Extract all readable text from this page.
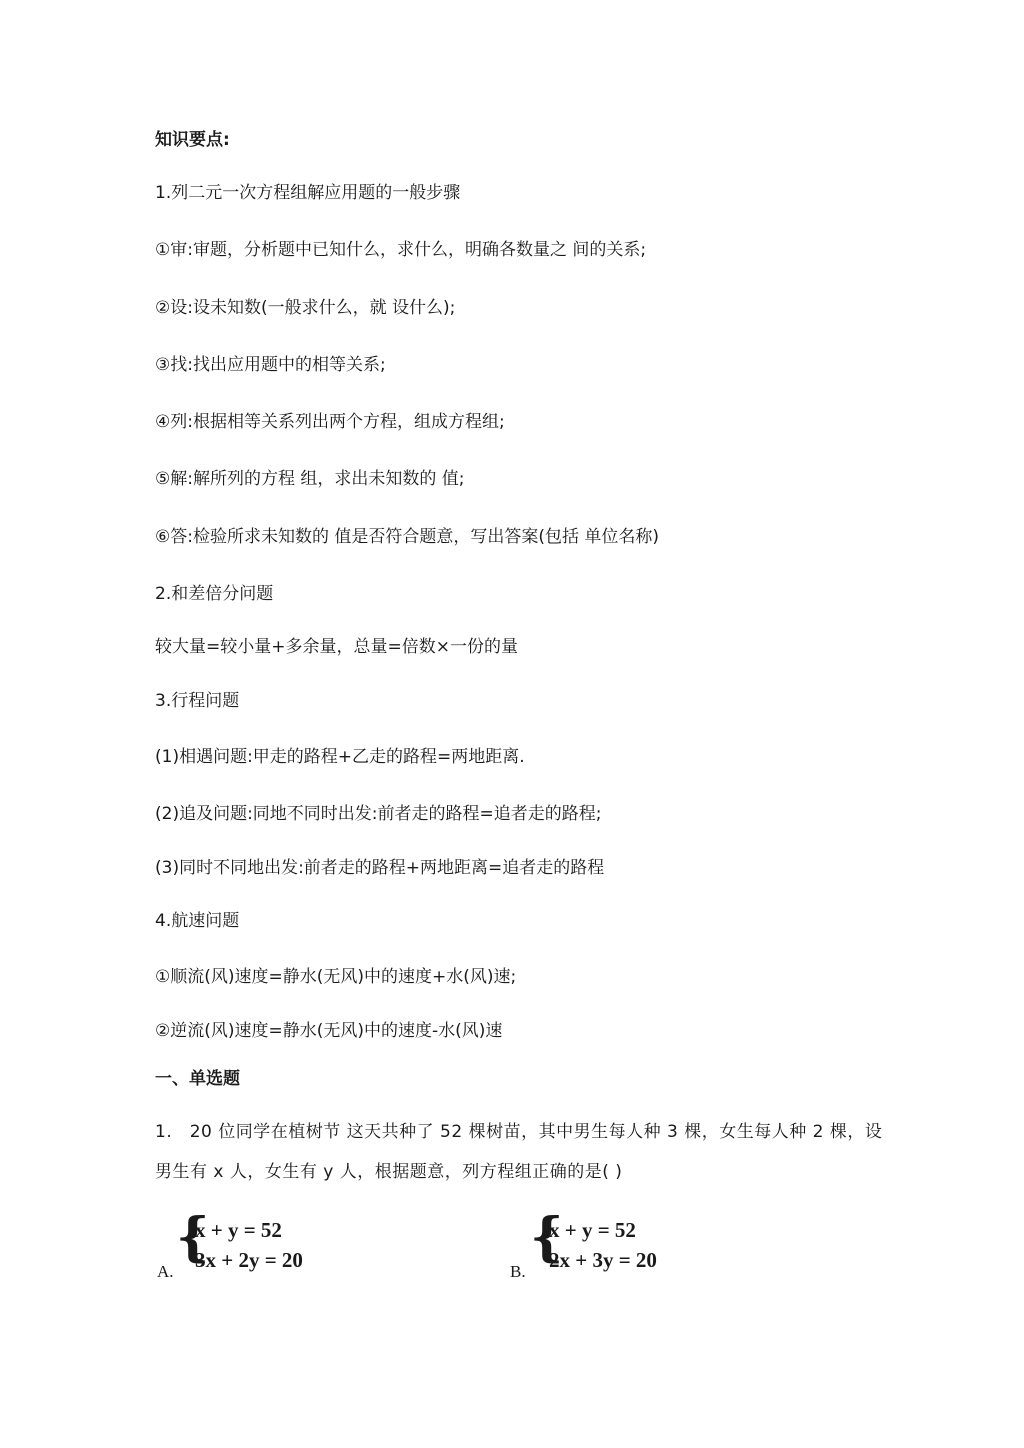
知识要点:
1.列二元一次方程组解应用题的一般步骤
①审:审题，分析题中已知什么，求什么，明确各数量之 间的关系;
②设:设未知数(一般求什么，就 设什么);
③找:找出应用题中的相等关系;
④列:根据相等关系列出两个方程，组成方程组;
⑤解:解所列的方程 组，求出未知数的 值;
⑥答:检验所求未知数的 值是否符合题意，写出答案(包括 单位名称)
2.和差倍分问题
较大量=较小量+多余量，总量=倍数×一份的量
3.行程问题
(1)相遇问题:甲走的路程+乙走的路程=两地距离.
(2)追及问题:同地不同时出发:前者走的路程=追者走的路程;
(3)同时不同地出发:前者走的路程+两地距离=追者走的路程
4.航速问题
①顺流(风)速度=静水(无风)中的速度+水(风)速;
②逆流(风)速度=静水(无风)中的速度-水(风)速
一、单选题
1.　20 位同学在植树节 这天共种了 52 棵树苗，其中男生每人种 3 棵，女生每人种 2 棵，设
男生有 x 人，女生有 y 人，根据题意，列方程组正确的是( )
A.
{
x + y = 52
3x + 2y = 20	B.
{
x + y = 52
2x + 3y = 20
